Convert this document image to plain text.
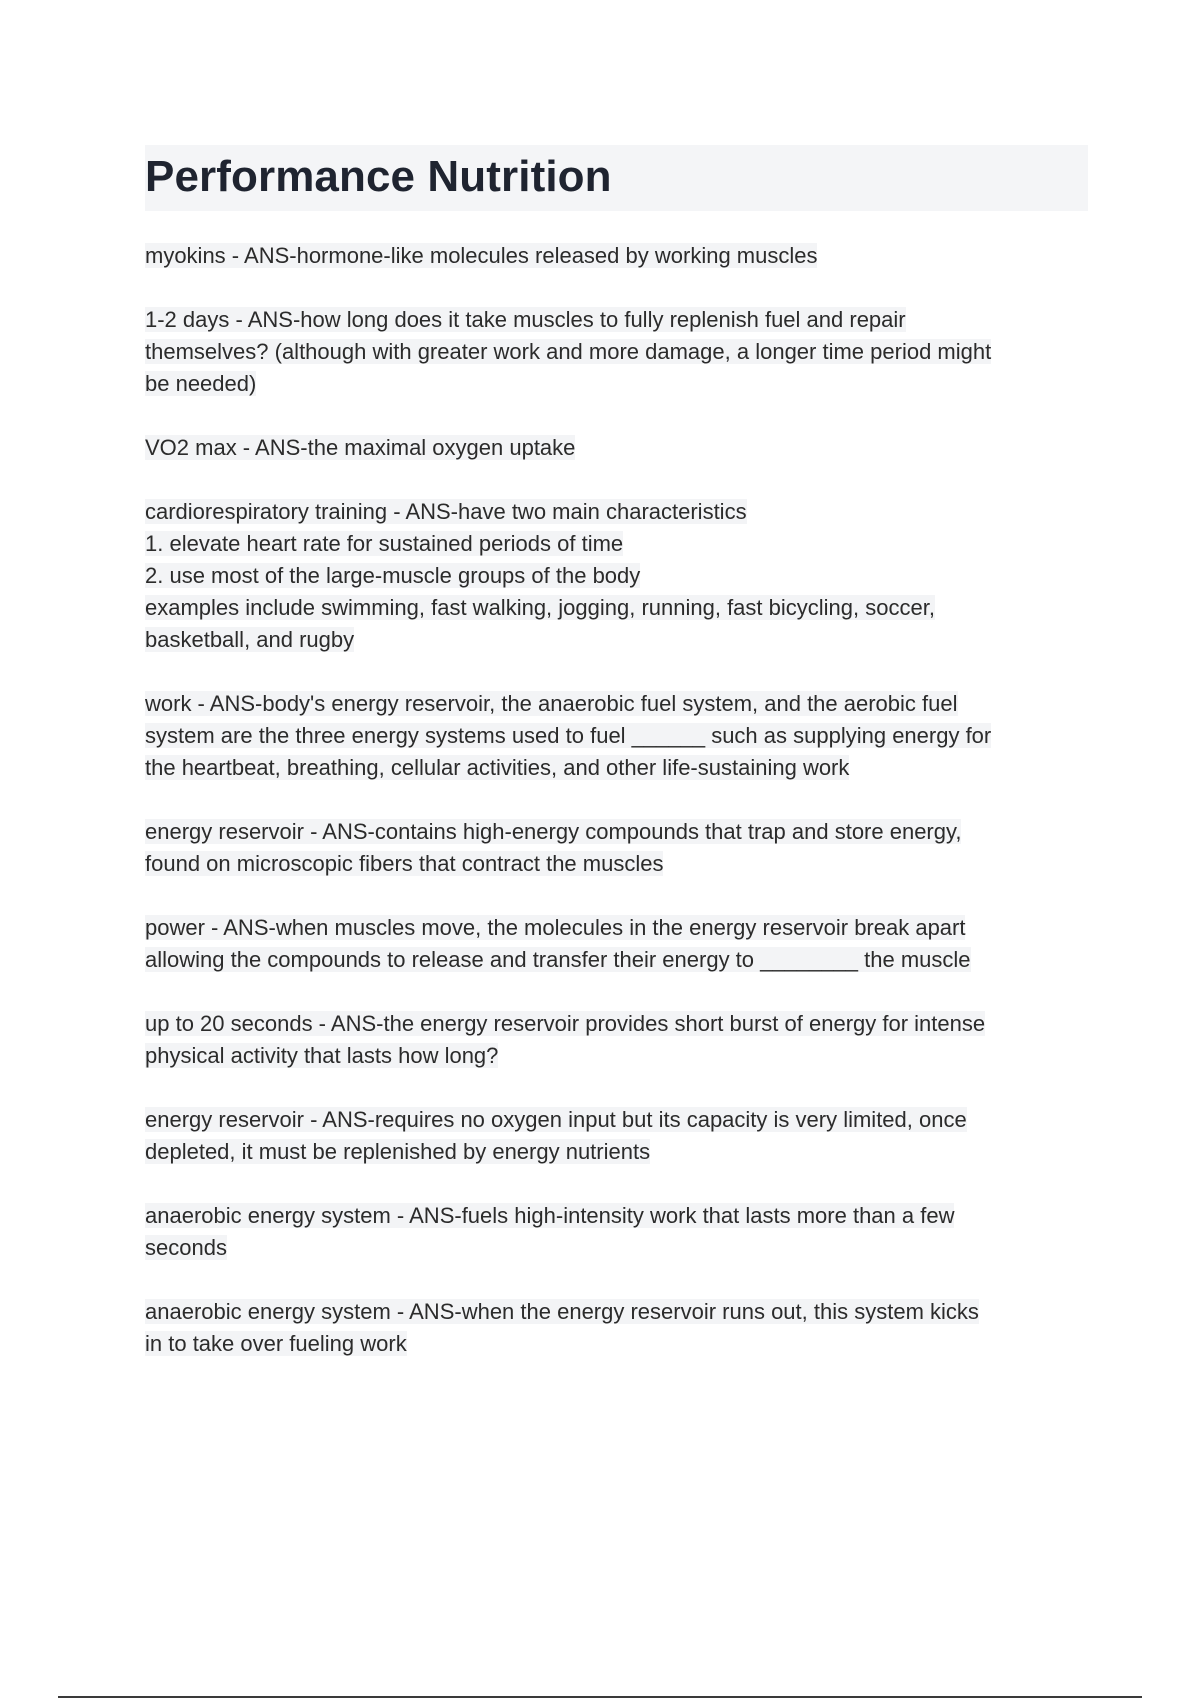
Performance Nutrition
myokins - ANS-hormone-like molecules released by working muscles
1-2 days - ANS-how long does it take muscles to fully replenish fuel and repair
themselves? (although with greater work and more damage, a longer time period might
be needed)
VO2 max - ANS-the maximal oxygen uptake
cardiorespiratory training - ANS-have two main characteristics
1. elevate heart rate for sustained periods of time
2. use most of the large-muscle groups of the body
examples include swimming, fast walking, jogging, running, fast bicycling, soccer,
basketball, and rugby
work - ANS-body's energy reservoir, the anaerobic fuel system, and the aerobic fuel
system are the three energy systems used to fuel ______ such as supplying energy for
the heartbeat, breathing, cellular activities, and other life-sustaining work
energy reservoir - ANS-contains high-energy compounds that trap and store energy,
found on microscopic fibers that contract the muscles
power - ANS-when muscles move, the molecules in the energy reservoir break apart
allowing the compounds to release and transfer their energy to ________ the muscle
up to 20 seconds - ANS-the energy reservoir provides short burst of energy for intense
physical activity that lasts how long?
energy reservoir - ANS-requires no oxygen input but its capacity is very limited, once
depleted, it must be replenished by energy nutrients
anaerobic energy system - ANS-fuels high-intensity work that lasts more than a few
seconds
anaerobic energy system - ANS-when the energy reservoir runs out, this system kicks
in to take over fueling work
